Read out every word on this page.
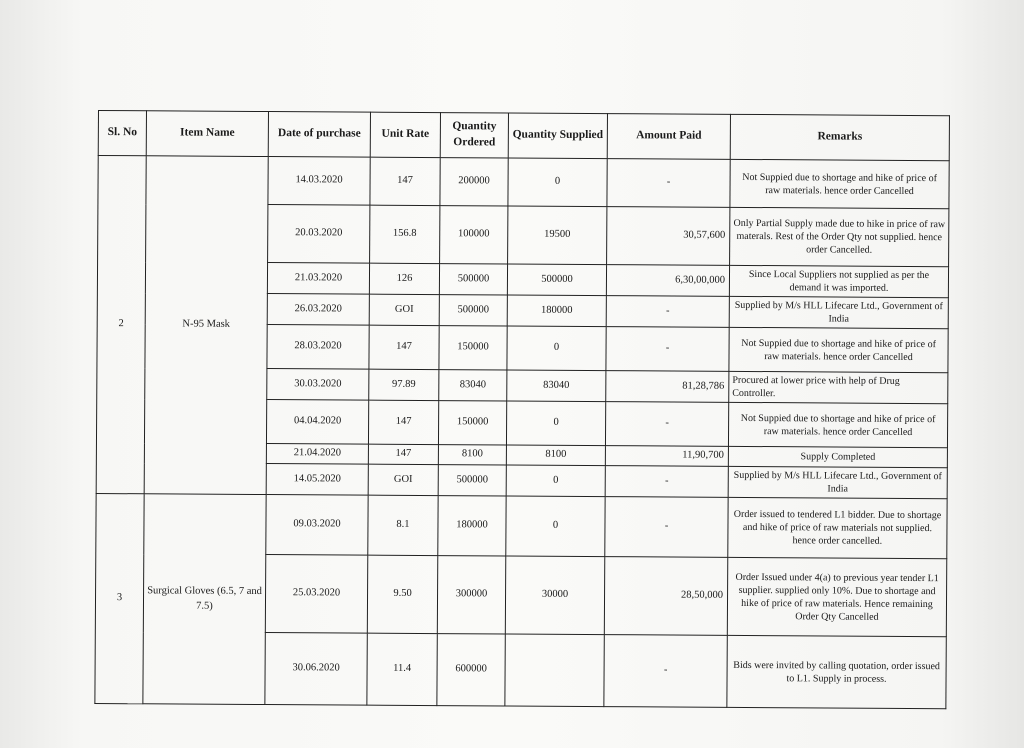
Sl. No	Item Name	Date of purchase	Unit Rate	Quantity Ordered	Quantity Supplied	Amount Paid	Remarks
2	N-95 Mask	14.03.2020	147	200000	0	-	Not Suppied due to shortage and hike of price of raw materials. hence order Cancelled
		20.03.2020	156.8	100000	19500	30,57,600	Only Partial Supply made due to hike in price of raw materals. Rest of the Order Qty not supplied. hence order Cancelled.
		21.03.2020	126	500000	500000	6,30,00,000	Since Local Suppliers not supplied as per the demand it was imported.
		26.03.2020	GOI	500000	180000	-	Supplied by M/s HLL Lifecare Ltd., Government of India
		28.03.2020	147	150000	0	-	Not Suppied due to shortage and hike of price of raw materials. hence order Cancelled
		30.03.2020	97.89	83040	83040	81,28,786	Procured at lower price with help of Drug Controller.
		04.04.2020	147	150000	0	-	Not Suppied due to shortage and hike of price of raw materials. hence order Cancelled
		21.04.2020	147	8100	8100	11,90,700	Supply Completed
		14.05.2020	GOI	500000	0	-	Supplied by M/s HLL Lifecare Ltd., Government of India
3	Surgical Gloves (6.5, 7 and 7.5)	09.03.2020	8.1	180000	0	-	Order issued to tendered L1 bidder. Due to shortage and hike of price of raw materials not supplied. hence order cancelled.
		25.03.2020	9.50	300000	30000	28,50,000	Order Issued under 4(a) to previous year tender L1 supplier. supplied only 10%. Due to shortage and hike of price of raw materials. Hence remaining Order Qty Cancelled
		30.06.2020	11.4	600000		-	Bids were invited by calling quotation, order issued to L1. Supply in process.
